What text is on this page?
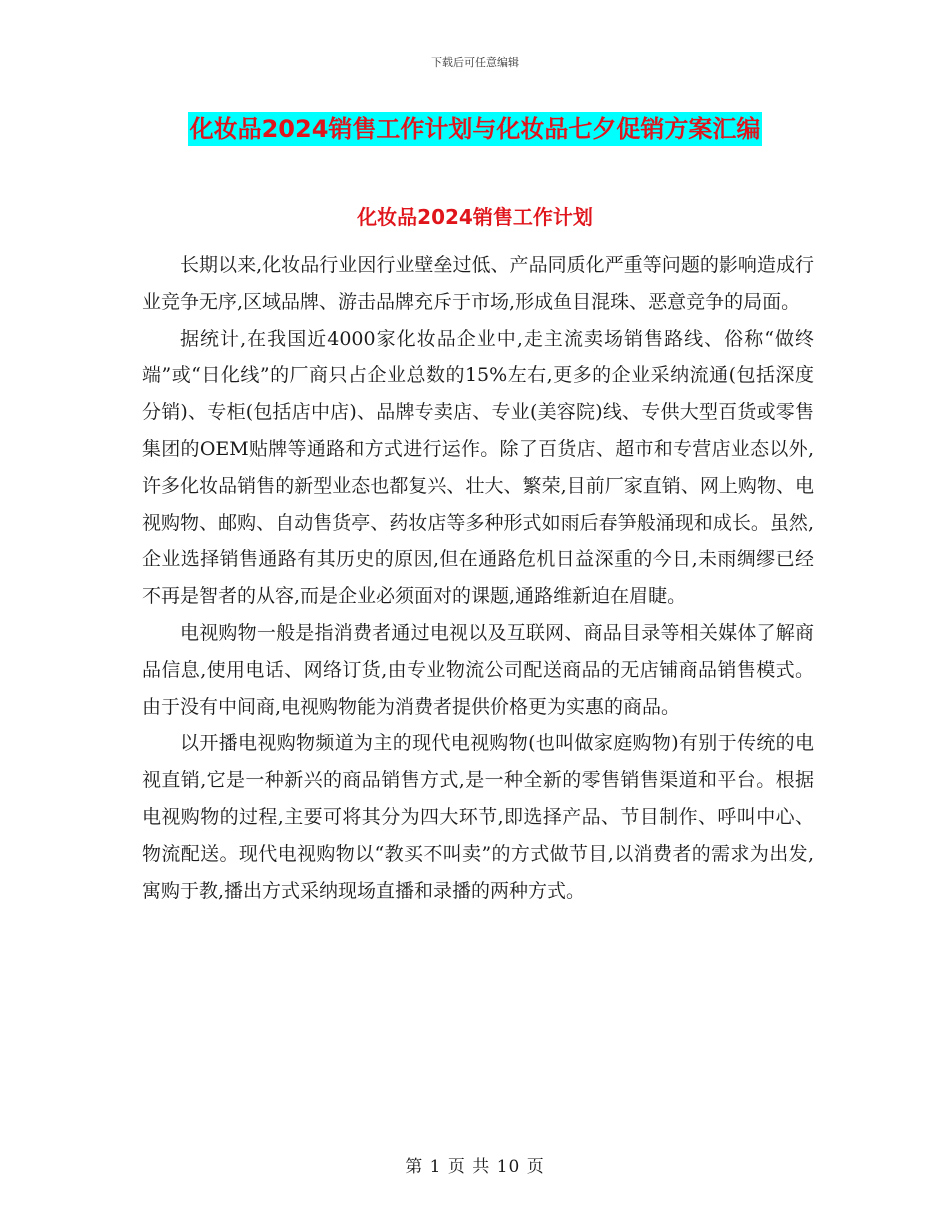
下载后可任意编辑
化妆品2024销售工作计划与化妆品七夕促销方案汇编
化妆品2024销售工作计划

长期以来,化妆品行业因行业壁垒过低、产品同质化严重等问题的影响造成行业竞争无序,区域品牌、游击品牌充斥于市场,形成鱼目混珠、恶意竞争的局面。

据统计,在我国近4000家化妆品企业中,走主流卖场销售路线、俗称“做终端”或“日化线”的厂商只占企业总数的15%左右,更多的企业采纳流通(包括深度分销)、专柜(包括店中店)、品牌专卖店、专业(美容院)线、专供大型百货或零售集团的OEM贴牌等通路和方式进行运作。除了百货店、超市和专营店业态以外,许多化妆品销售的新型业态也都复兴、壮大、繁荣,目前厂家直销、网上购物、电视购物、邮购、自动售货亭、药妆店等多种形式如雨后春笋般涌现和成长。虽然,企业选择销售通路有其历史的原因,但在通路危机日益深重的今日,未雨绸缪已经不再是智者的从容,而是企业必须面对的课题,通路维新迫在眉睫。

电视购物一般是指消费者通过电视以及互联网、商品目录等相关媒体了解商品信息,使用电话、网络订货,由专业物流公司配送商品的无店铺商品销售模式。由于没有中间商,电视购物能为消费者提供价格更为实惠的商品。

以开播电视购物频道为主的现代电视购物(也叫做家庭购物)有别于传统的电视直销,它是一种新兴的商品销售方式,是一种全新的零售销售渠道和平台。根据电视购物的过程,主要可将其分为四大环节,即选择产品、节目制作、呼叫中心、物流配送。现代电视购物以“教买不叫卖”的方式做节目,以消费者的需求为出发,寓购于教,播出方式采纳现场直播和录播的两种方式。

第 1 页 共 10 页
